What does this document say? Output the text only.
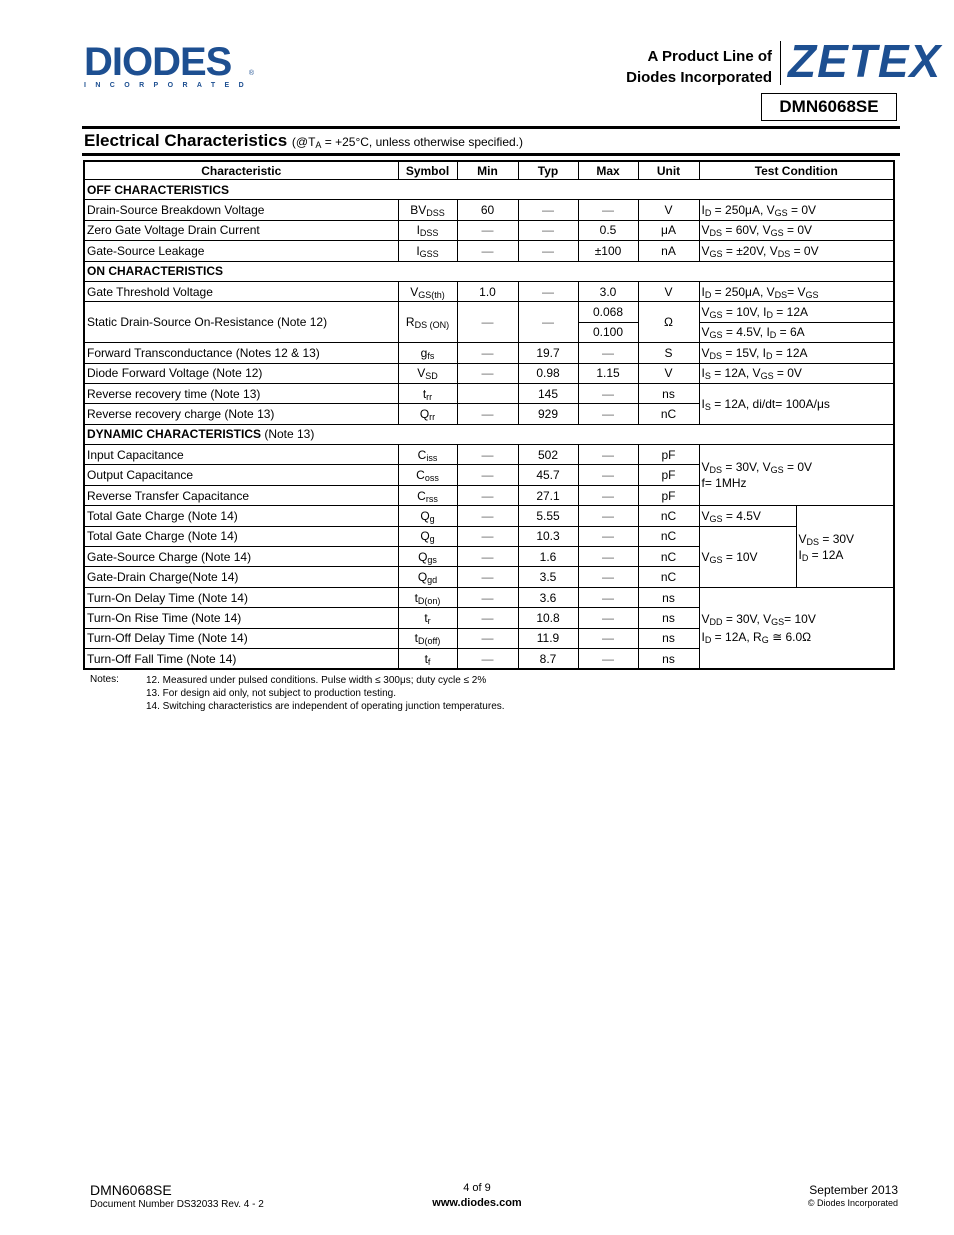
DIODES
INCORPORATED
®
A Product Line of
Diodes Incorporated ZETEX
DMN6068SE
Electrical Characteristics ($@T_A = +25^\circ C$, unless otherwise specified.)
Characteristic	Symbol	Min	Typ	Max	Unit	Test Condition	
OFF CHARACTERISTICS							
Drain-Source Breakdown Voltage	$BV_{DSS}$	60	—	—	V	$I_D = 250\mu A$, $V_{GS} = 0V$	
Zero Gate Voltage Drain Current	$I_{DSS}$	—	—	0.5	μA	$V_{DS} = 60V$, $V_{GS} = 0V$	
Gate-Source Leakage	$I_{GSS}$	—	—	±100	nA	$V_{GS} = \pm 20V$, $V_{DS} = 0V$	
ON CHARACTERISTICS							
Gate Threshold Voltage	$V_{GS(th)}$	1.0	—	3.0	V	$I_D = 250\mu A$, $V_{DS}= V_{GS}$
Static Drain-Source On-Resistance (Note 12)	$R_{DS (ON)}$	—	—	0.068	Ω	$V_{GS} = 10V$, $I_D = 12A$	
				0.100		$V_{GS} = 4.5V$, $I_D = 6A$	
Forward Transconductance (Notes 12 & 13)	$g_{fs}$	—	19.7	—	S	$V_{DS} = 15V$, $I_D = 12A$	
Diode Forward Voltage (Note 12)	$V_{SD}$	—	0.98	1.15	V	$I_S = 12A$, $V_{GS} = 0V$	
Reverse recovery time (Note 13)	$t_{rr}$		145	—	ns	$I_S = 12A$, di/dt= 100A/μs	
Reverse recovery charge (Note 13)	$Q_{rr}$	—	929	—	nC		
DYNAMIC CHARACTERISTICS (Note 13)							
Input Capacitance	$C_{iss}$	—	502	—	pF	$V_{DS} = 30V$, $V_{GS} = 0V$
f= 1MHz	
Output Capacitance	$C_{oss}$	—	45.7	—	pF		
Reverse Transfer Capacitance	$C_{rss}$	—	27.1	—	pF		
Total Gate Charge (Note 14)	$Q_g$	—	5.55	—	nC	$V_{GS} = 4.5V$	$V_{DS} = 30V$
$I_D = 12A$
Total Gate Charge (Note 14)	$Q_g$	—	10.3	—	nC	$V_{GS} = 10V$	
Gate-Source Charge (Note 14)	$Q_{gs}$	—	1.6	—	nC		
Gate-Drain Charge(Note 14)	$Q_{gd}$	—	3.5	—	nC		
Turn-On Delay Time (Note 14)	$t_{D(on)}$	—	3.6	—	ns	$V_{DD} = 30V$, $V_{GS}= 10V$
$I_D = 12A$, $R_G$ ≅ 6.0Ω	
Turn-On Rise Time (Note 14)	$t_r$	—	10.8	—	ns		
Turn-Off Delay Time (Note 14)	$t_{D(off)}$	—	11.9	—	ns		
Turn-Off Fall Time (Note 14)	$t_f$	—	8.7	—	ns		
Notes:	12. Measured under pulsed conditions. Pulse width ≤ 300μs; duty cycle ≤ 2%
13. For design aid only, not subject to production testing.
14. Switching characteristics are independent of operating junction temperatures.
DMN6068SE
Document Number DS32033 Rev. 4 - 2
4 of 9
www.diodes.com
September 2013
© Diodes Incorporated
